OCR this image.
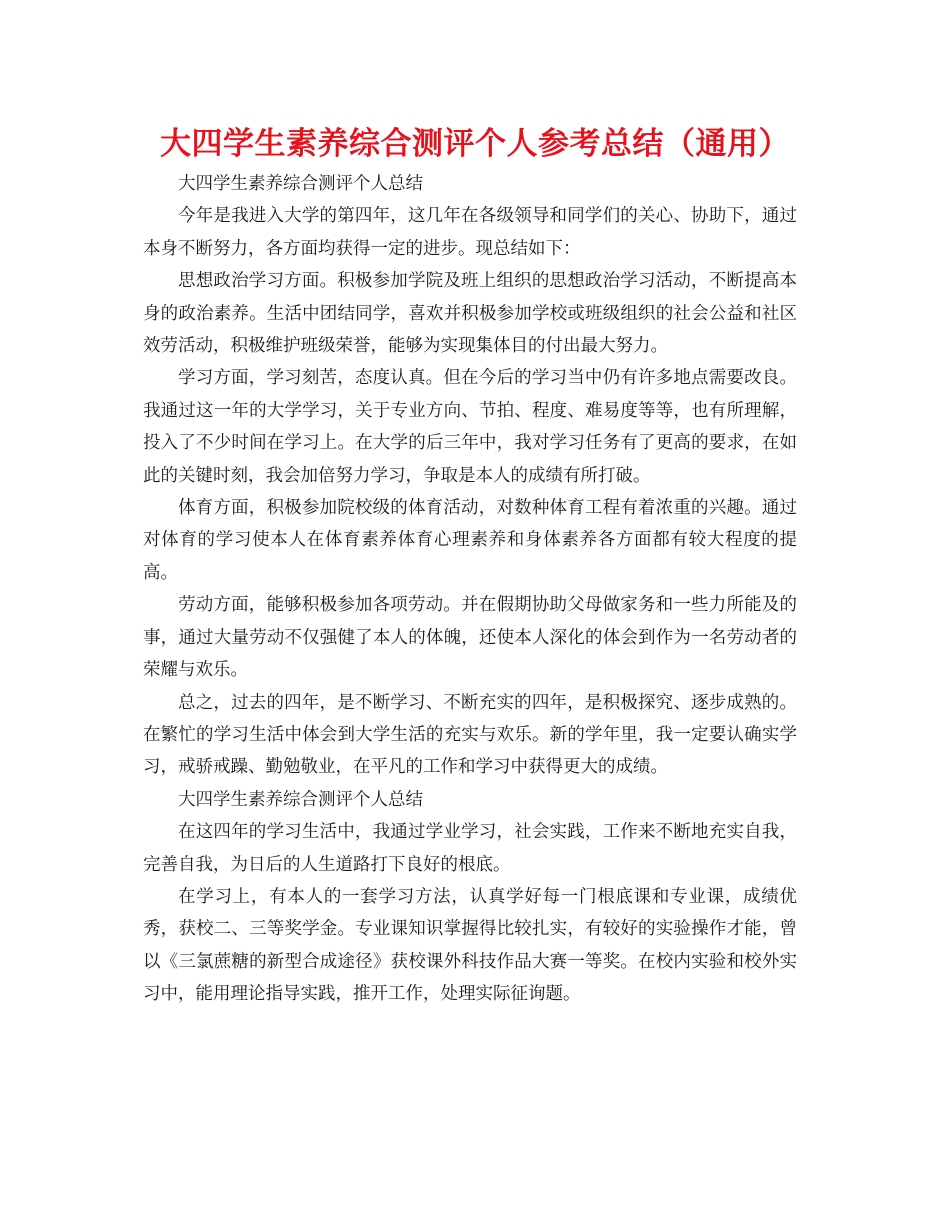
大四学生素养综合测评个人参考总结（通用）

大四学生素养综合测评个人总结

今年是我进入大学的第四年，这几年在各级领导和同学们的关心、协助下，通过本身不断努力，各方面均获得一定的进步。现总结如下：

思想政治学习方面。积极参加学院及班上组织的思想政治学习活动，不断提高本身的政治素养。生活中团结同学，喜欢并积极参加学校或班级组织的社会公益和社区效劳活动，积极维护班级荣誉，能够为实现集体目的付出最大努力。

学习方面，学习刻苦，态度认真。但在今后的学习当中仍有许多地点需要改良。我通过这一年的大学学习，关于专业方向、节拍、程度、难易度等等，也有所理解，投入了不少时间在学习上。在大学的后三年中，我对学习任务有了更高的要求，在如此的关键时刻，我会加倍努力学习，争取是本人的成绩有所打破。

体育方面，积极参加院校级的体育活动，对数种体育工程有着浓重的兴趣。通过对体育的学习使本人在体育素养体育心理素养和身体素养各方面都有较大程度的提高。

劳动方面，能够积极参加各项劳动。并在假期协助父母做家务和一些力所能及的事，通过大量劳动不仅强健了本人的体魄，还使本人深化的体会到作为一名劳动者的荣耀与欢乐。

总之，过去的四年，是不断学习、不断充实的四年，是积极探究、逐步成熟的。在繁忙的学习生活中体会到大学生活的充实与欢乐。新的学年里，我一定要认确实学习，戒骄戒躁、勤勉敬业，在平凡的工作和学习中获得更大的成绩。

大四学生素养综合测评个人总结

在这四年的学习生活中，我通过学业学习，社会实践，工作来不断地充实自我，完善自我，为日后的人生道路打下良好的根底。

在学习上，有本人的一套学习方法，认真学好每一门根底课和专业课，成绩优秀，获校二、三等奖学金。专业课知识掌握得比较扎实，有较好的实验操作才能，曾以《三氯蔗糖的新型合成途径》获校课外科技作品大赛一等奖。在校内实验和校外实习中，能用理论指导实践，推开工作，处理实际征询题。
